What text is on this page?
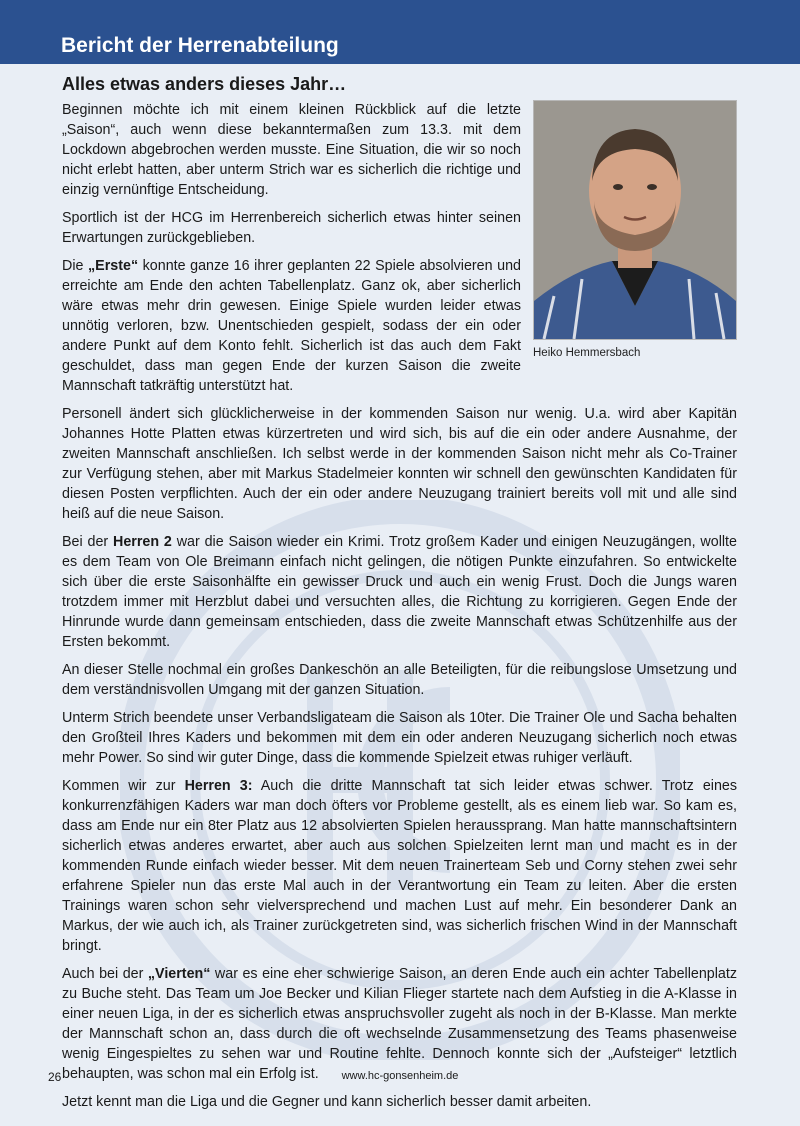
Bericht der Herrenabteilung
Alles etwas anders dieses Jahr…
Heiko Hemmersbach

Beginnen möchte ich mit einem kleinen Rückblick auf die letzte „Saison“, auch wenn diese bekanntermaßen zum 13.3. mit dem Lockdown abgebrochen werden musste. Eine Situation, die wir so noch nicht erlebt hatten, aber unterm Strich war es sicherlich die richtige und einzig vernünftige Entscheidung.

Sportlich ist der HCG im Herrenbereich sicherlich etwas hinter seinen Erwartungen zurückgeblieben.

Die „Erste“ konnte ganze 16 ihrer geplanten 22 Spiele absolvieren und erreichte am Ende den achten Tabellenplatz. Ganz ok, aber sicherlich wäre etwas mehr drin gewesen. Einige Spiele wurden leider etwas unnötig verloren, bzw. Unentschieden gespielt, sodass der ein oder andere Punkt auf dem Konto fehlt. Sicherlich ist das auch dem Fakt geschuldet, dass man gegen Ende der kurzen Saison die zweite Mannschaft tatkräftig unterstützt hat.

Personell ändert sich glücklicherweise in der kommenden Saison nur wenig. U.a. wird aber Kapitän Johannes Hotte Platten etwas kürzertreten und wird sich, bis auf die ein oder andere Ausnahme, der zweiten Mannschaft anschließen. Ich selbst werde in der kommenden Saison nicht mehr als Co-Trainer zur Verfügung stehen, aber mit Markus Stadelmeier konnten wir schnell den gewünschten Kandidaten für diesen Posten verpflichten. Auch der ein oder andere Neuzugang trainiert bereits voll mit und alle sind heiß auf die neue Saison.

Bei der Herren 2 war die Saison wieder ein Krimi. Trotz großem Kader und einigen Neuzugängen, wollte es dem Team von Ole Breimann einfach nicht gelingen, die nötigen Punkte einzufahren. So entwickelte sich über die erste Saisonhälfte ein gewisser Druck und auch ein wenig Frust. Doch die Jungs waren trotzdem immer mit Herzblut dabei und versuchten alles, die Richtung zu korrigieren. Gegen Ende der Hinrunde wurde dann gemeinsam entschieden, dass die zweite Mannschaft etwas Schützenhilfe aus der Ersten bekommt.

An dieser Stelle nochmal ein großes Dankeschön an alle Beteiligten, für die reibungslose Umsetzung und dem verständnisvollen Umgang mit der ganzen Situation.

Unterm Strich beendete unser Verbandsligateam die Saison als 10ter. Die Trainer Ole und Sacha behalten den Großteil Ihres Kaders und bekommen mit dem ein oder anderen Neuzugang sicherlich noch etwas mehr Power. So sind wir guter Dinge, dass die kommende Spielzeit etwas ruhiger verläuft.

Kommen wir zur Herren 3: Auch die dritte Mannschaft tat sich leider etwas schwer. Trotz eines konkurrenzfähigen Kaders war man doch öfters vor Probleme gestellt, als es einem lieb war. So kam es, dass am Ende nur ein 8ter Platz aus 12 absolvierten Spielen heraussprang. Man hatte mannschaftsintern sicherlich etwas anderes erwartet, aber auch aus solchen Spielzeiten lernt man und macht es in der kommenden Runde einfach wieder besser. Mit dem neuen Trainerteam Seb und Corny stehen zwei sehr erfahrene Spieler nun das erste Mal auch in der Verantwortung ein Team zu leiten. Aber die ersten Trainings waren schon sehr vielversprechend und machen Lust auf mehr. Ein besonderer Dank an Markus, der wie auch ich, als Trainer zurückgetreten sind, was sicherlich frischen Wind in der Mannschaft bringt.

Auch bei der „Vierten“ war es eine eher schwierige Saison, an deren Ende auch ein achter Tabellenplatz zu Buche steht. Das Team um Joe Becker und Kilian Flieger startete nach dem Aufstieg in die A-Klasse in einer neuen Liga, in der es sicherlich etwas anspruchsvoller zugeht als noch in der B-Klasse. Man merkte der Mannschaft schon an, dass durch die oft wechselnde Zusammensetzung des Teams phasenweise wenig Eingespieltes zu sehen war und Routine fehlte. Dennoch konnte sich der „Aufsteiger“ letztlich behaupten, was schon mal ein Erfolg ist.

Jetzt kennt man die Liga und die Gegner und kann sicherlich besser damit arbeiten.

26	www.hc-gonsenheim.de
